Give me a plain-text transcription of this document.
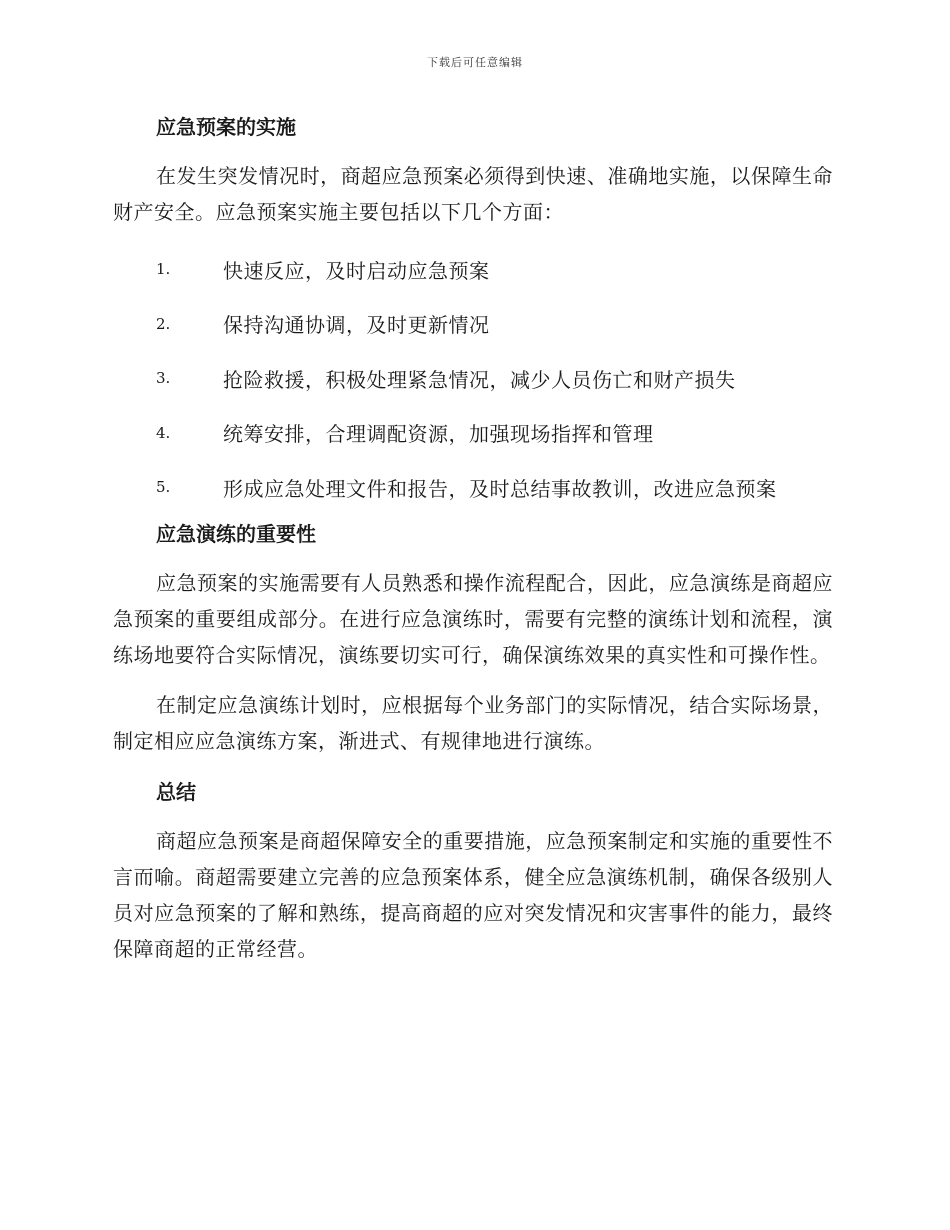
下载后可任意编辑
应急预案的实施

在发生突发情况时，商超应急预案必须得到快速、准确地实施，以保障生命财产安全。应急预案实施主要包括以下几个方面：

1.	快速反应，及时启动应急预案
2.	保持沟通协调，及时更新情况
3.	抢险救援，积极处理紧急情况，减少人员伤亡和财产损失
4.	统筹安排，合理调配资源，加强现场指挥和管理
5.	形成应急处理文件和报告，及时总结事故教训，改进应急预案
应急演练的重要性

应急预案的实施需要有人员熟悉和操作流程配合，因此，应急演练是商超应急预案的重要组成部分。在进行应急演练时，需要有完整的演练计划和流程，演练场地要符合实际情况，演练要切实可行，确保演练效果的真实性和可操作性。

在制定应急演练计划时，应根据每个业务部门的实际情况，结合实际场景，制定相应应急演练方案，渐进式、有规律地进行演练。

总结

商超应急预案是商超保障安全的重要措施，应急预案制定和实施的重要性不言而喻。商超需要建立完善的应急预案体系，健全应急演练机制，确保各级别人员对应急预案的了解和熟练，提高商超的应对突发情况和灾害事件的能力，最终保障商超的正常经营。
